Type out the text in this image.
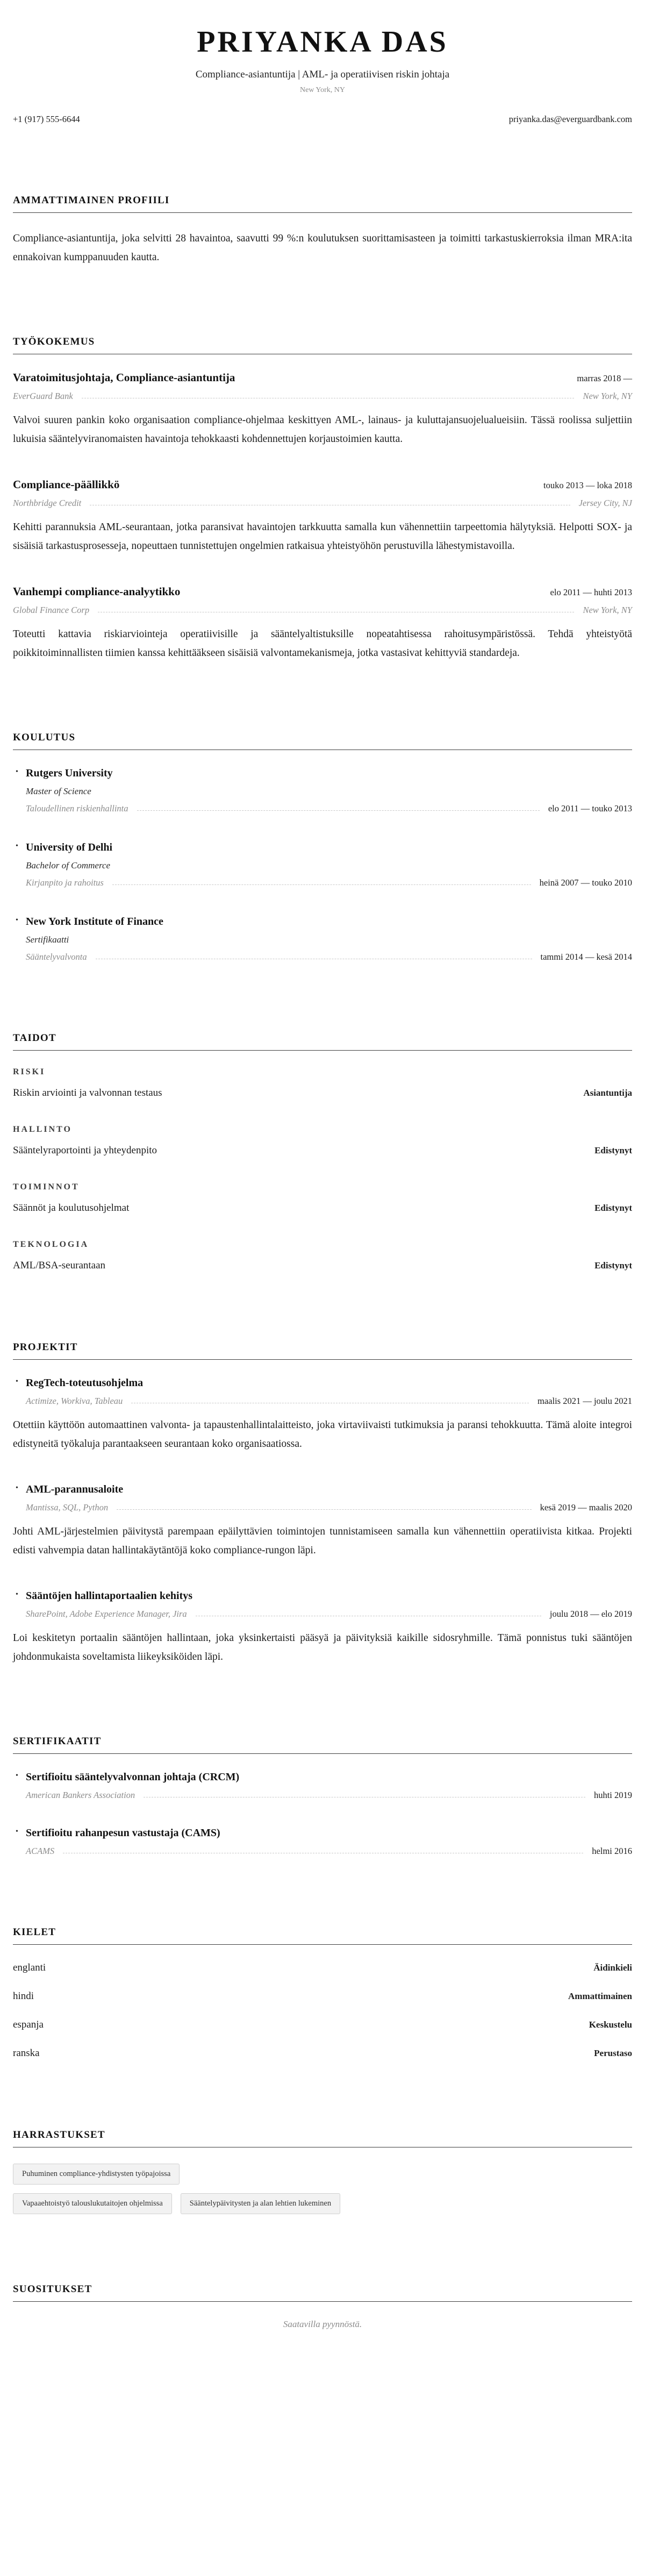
PRIYANKA DAS
Compliance-asiantuntija | AML- ja operatiivisen riskin johtaja
New York, NY
+1 (917) 555-6644	priyanka.das@everguardbank.com
AMMATTIMAINEN PROFIILI

Compliance-asiantuntija, joka selvitti 28 havaintoa, saavutti 99 %:n koulutuksen suorittamisasteen ja toimitti tarkastuskierroksia ilman MRA:ita ennakoivan kumppanuuden kautta.

TYÖKOKEMUS
Varatoimitusjohtaja, Compliance-asiantuntija	marras 2018 —
EverGuard Bank	New York, NY

Valvoi suuren pankin koko organisaation compliance-ohjelmaa keskittyen AML-, lainaus- ja kuluttajansuojelualueisiin. Tässä roolissa suljettiin lukuisia sääntelyviranomaisten havaintoja tehokkaasti kohdennettujen korjaustoimien kautta.

Compliance-päällikkö	touko 2013 — loka 2018
Northbridge Credit	Jersey City, NJ

Kehitti parannuksia AML-seurantaan, jotka paransivat havaintojen tarkkuutta samalla kun vähennettiin tarpeettomia hälytyksiä. Helpotti SOX- ja sisäisiä tarkastusprosesseja, nopeuttaen tunnistettujen ongelmien ratkaisua yhteistyöhön perustuvilla lähestymistavoilla.

Vanhempi compliance-analyytikko	elo 2011 — huhti 2013
Global Finance Corp	New York, NY

Toteutti kattavia riskiarviointeja operatiivisille ja sääntelyaltistuksille nopeatahtisessa rahoitusympäristössä. Tehdä yhteistyötä poikkitoiminnallisten tiimien kanssa kehittääkseen sisäisiä valvontamekanismeja, jotka vastasivat kehittyviä standardeja.

KOULUTUS
• Rutgers University
Master of Science
Taloudellinen riskienhallinta	elo 2011 — touko 2013
• University of Delhi
Bachelor of Commerce
Kirjanpito ja rahoitus	heinä 2007 — touko 2010
• New York Institute of Finance
Sertifikaatti
Sääntelyvalvonta	tammi 2014 — kesä 2014
TAIDOT
RISKI
Riskin arviointi ja valvonnan testaus	Asiantuntija
HALLINTO
Sääntelyraportointi ja yhteydenpito	Edistynyt
TOIMINNOT
Säännöt ja koulutusohjelmat	Edistynyt
TEKNOLOGIA
AML/BSA-seurantaan	Edistynyt
PROJEKTIT
• RegTech-toteutusohjelma
Actimize, Workiva, Tableau	maalis 2021 — joulu 2021

Otettiin käyttöön automaattinen valvonta- ja tapaustenhallintalaitteisto, joka virtaviivaisti tutkimuksia ja paransi tehokkuutta. Tämä aloite integroi edistyneitä työkaluja parantaakseen seurantaan koko organisaatiossa.

• AML-parannusaloite
Mantissa, SQL, Python	kesä 2019 — maalis 2020

Johti AML-järjestelmien päivitystä parempaan epäilyttävien toimintojen tunnistamiseen samalla kun vähennettiin operatiivista kitkaa. Projekti edisti vahvempia datan hallintakäytäntöjä koko compliance-rungon läpi.

• Sääntöjen hallintaportaalien kehitys
SharePoint, Adobe Experience Manager, Jira	joulu 2018 — elo 2019

Loi keskitetyn portaalin sääntöjen hallintaan, joka yksinkertaisti pääsyä ja päivityksiä kaikille sidosryhmille. Tämä ponnistus tuki sääntöjen johdonmukaista soveltamista liikeyksiköiden läpi.

SERTIFIKAATIT
• Sertifioitu sääntelyvalvonnan johtaja (CRCM)
American Bankers Association	huhti 2019
• Sertifioitu rahanpesun vastustaja (CAMS)
ACAMS	helmi 2016
KIELET
englanti	Äidinkieli
hindi	Ammattimainen
espanja	Keskustelu
ranska	Perustaso
HARRASTUKSET
Puhuminen compliance-yhdistysten työpajoissa
Vapaaehtoistyö talouslukutaitojen ohjelmissa	Sääntelypäivitysten ja alan lehtien lukeminen
SUOSITUKSET

Saatavilla pyynnöstä.
